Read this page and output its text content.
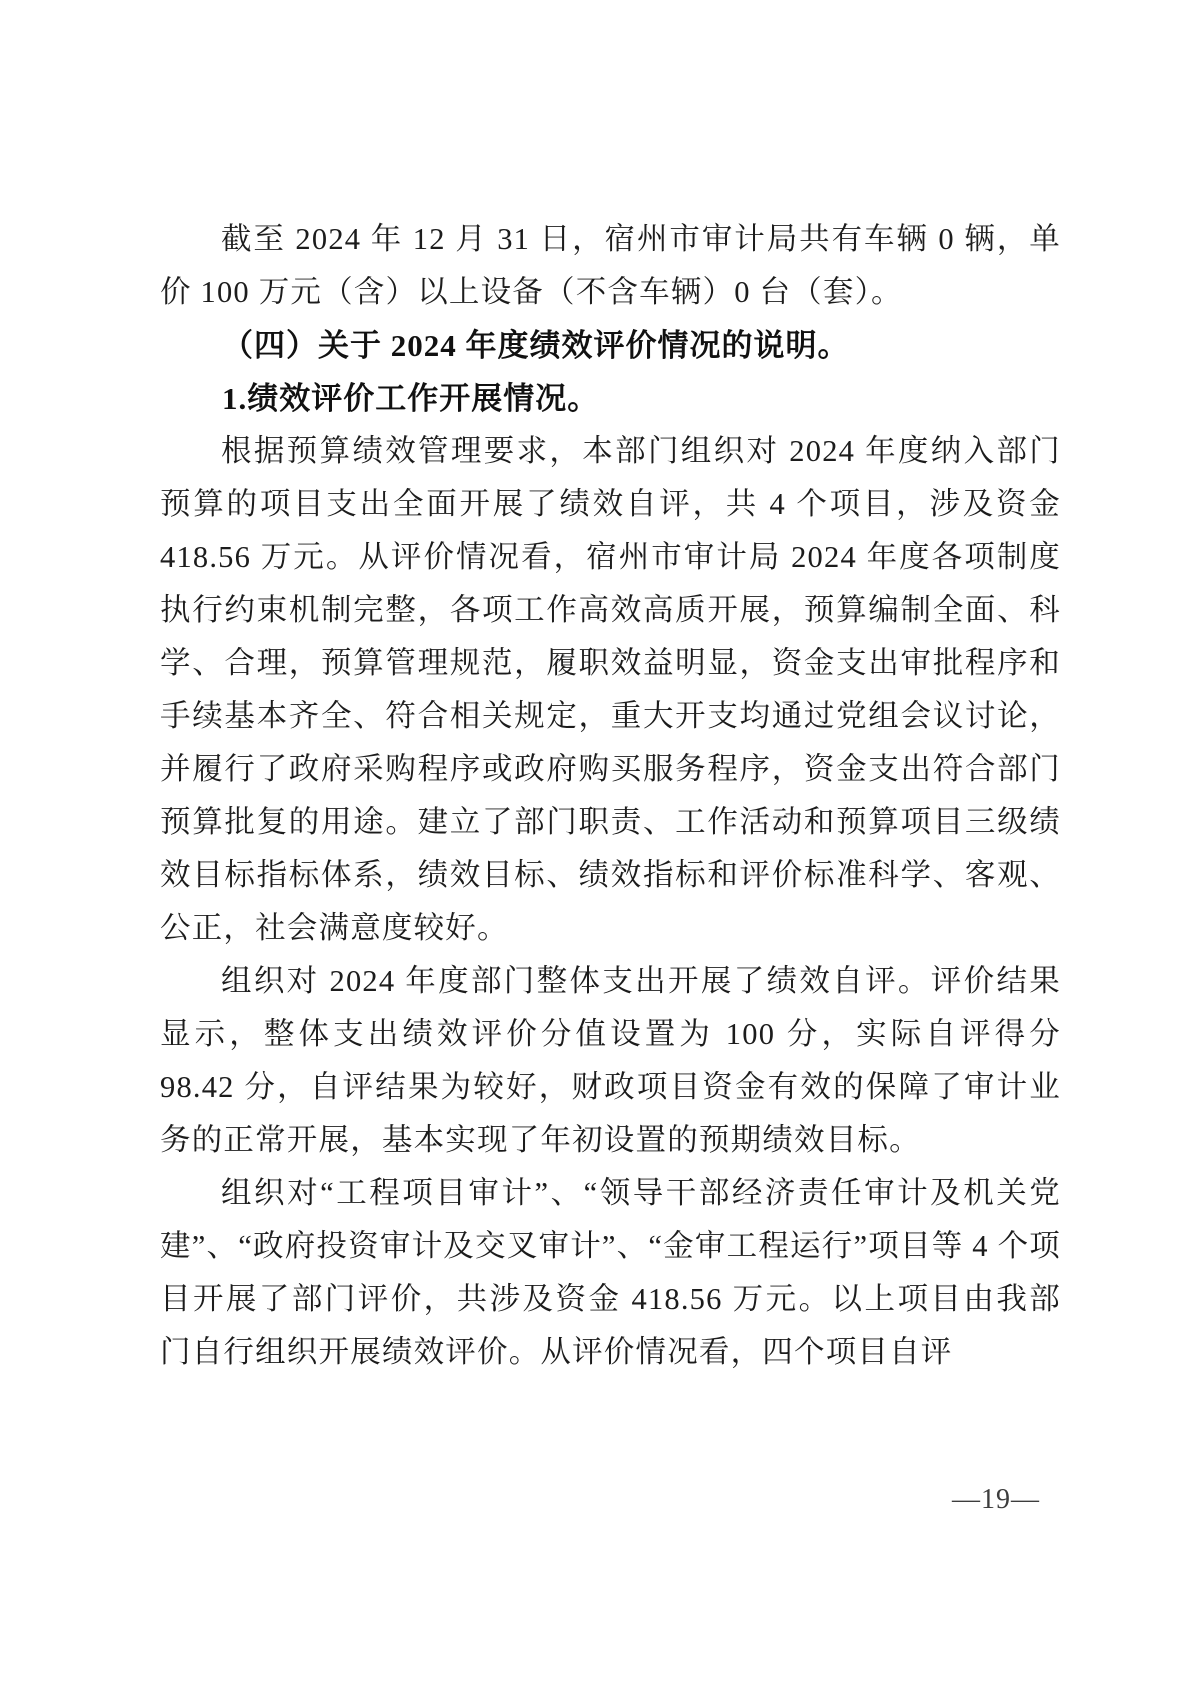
截至 2024 年 12 月 31 日，宿州市审计局共有车辆 0 辆，单价 100 万元（含）以上设备（不含车辆）0 台（套）。

（四）关于 2024 年度绩效评价情况的说明。
1.绩效评价工作开展情况。

根据预算绩效管理要求，本部门组织对 2024 年度纳入部门预算的项目支出全面开展了绩效自评，共 4 个项目，涉及资金 418.56 万元。从评价情况看，宿州市审计局 2024 年度各项制度执行约束机制完整，各项工作高效高质开展，预算编制全面、科学、合理，预算管理规范，履职效益明显，资金支出审批程序和手续基本齐全、符合相关规定，重大开支均通过党组会议讨论，并履行了政府采购程序或政府购买服务程序，资金支出符合部门预算批复的用途。建立了部门职责、工作活动和预算项目三级绩效目标指标体系，绩效目标、绩效指标和评价标准科学、客观、公正，社会满意度较好。

组织对 2024 年度部门整体支出开展了绩效自评。评价结果显示，整体支出绩效评价分值设置为 100 分，实际自评得分 98.42 分，自评结果为较好，财政项目资金有效的保障了审计业务的正常开展，基本实现了年初设置的预期绩效目标。

组织对“工程项目审计”、“领导干部经济责任审计及机关党建”、“政府投资审计及交叉审计”、“金审工程运行”项目等 4 个项目开展了部门评价，共涉及资金 418.56 万元。以上项目由我部门自行组织开展绩效评价。从评价情况看，四个项目自评

—19—
